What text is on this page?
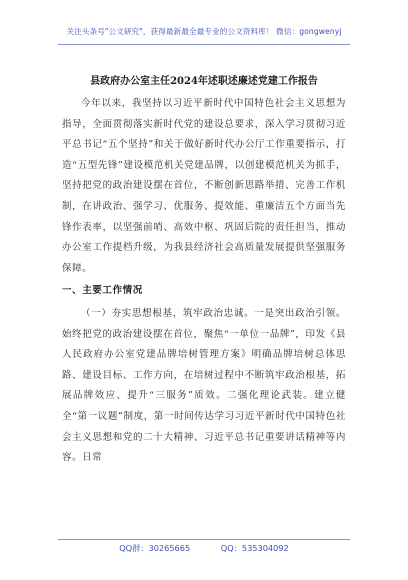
关注头条号"公文研究"，获得最新最全最专业的公文资料库！ 微信：gongwenyj
县政府办公室主任2024年述职述廉述党建工作报告

今年以来，我坚持以习近平新时代中国特色社会主义思想为指导，全面贯彻落实新时代党的建设总要求，深入学习贯彻习近平总书记“五个坚持”和关于做好新时代办公厅工作重要指示，打造“五型先锋”建设模范机关党建品牌，以创建模范机关为抓手，坚持把党的政治建设摆在首位，不断创新思路举措、完善工作机制，在讲政治、强学习、优服务、提效能、重廉洁五个方面当先锋作表率，以坚强前哨、高效中枢、巩固后院的责任担当，推动办公室工作提档升级，为我县经济社会高质量发展提供坚强服务保障。

一、主要工作情况

（一）夯实思想根基，筑牢政治忠诚。一是突出政治引领。始终把党的政治建设摆在首位，聚焦“一单位一品牌”，印发《县人民政府办公室党建品牌培树管理方案》明确品牌培树总体思路、建设目标、工作方向，在培树过程中不断筑牢政治根基，拓展品牌效应、提升“三服务”质效。二强化理论武装。建立健全“第一议题”制度，第一时间传达学习习近平新时代中国特色社会主义思想和党的二十大精神、习近平总书记重要讲话精神等内容。日常

QQ群：30265665	QQ：535304092
